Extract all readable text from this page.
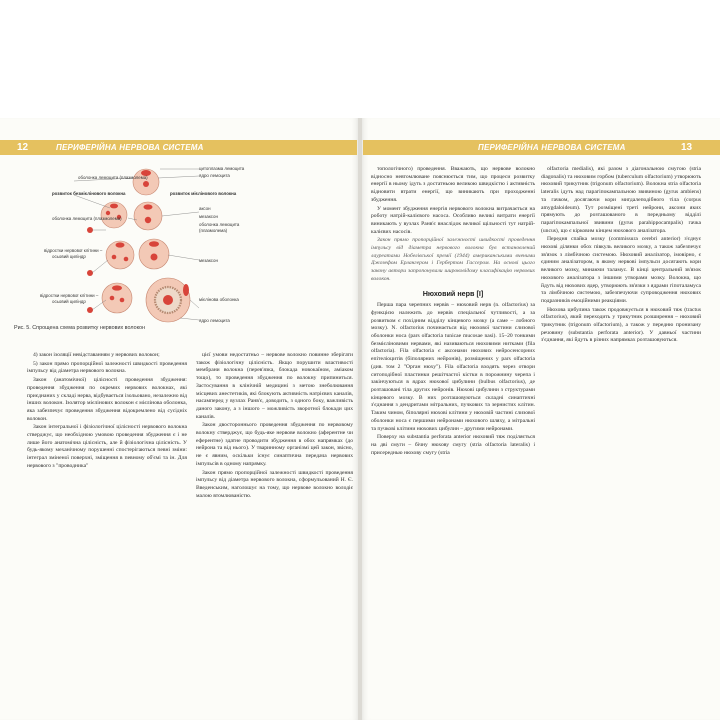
12	ПЕРИФЕРІЙНА НЕРВОВА СИСТЕМА	ПЕРИФЕРІЙНА НЕРВОВА СИСТЕМА	13
оболонка лемоцита (плазмолема)
цитоплазма лемоцита
ядро лемоцита
розвиток безмієлінового волокна	розвиток мієлінового волокна
аксон
оболонка лемоцита (плазмолема)	мезаксон
оболонка лемоцита
(плазмолема)
відростки нервової клітини –
осьовий циліндр
мезаксон
відростки нервової клітини –
осьовий циліндр	мієлінова оболонка
ядро лемоцита
Рис. 5. Спрощена схема розвитку нервових волокон

4) закон ізоляції невідставанням у нервових волокон;

5) закон прямо пропорційної залежності швидкості проведення імпульсу від діаметра нервового волокна.

Закон (анатомічної) цілісності проведення збудження: проведення збудження по окремих нервових волокнах, які приєднаних у складі нерва, відбувається ізольовано, незалежно від інших волокон. Ізолятор мієлінових волокон є мієлінова оболонка, яка забезпечує проведення збудження відокремлено від сусідніх волокон.

Закон інтегральної і фізіологічної цілісності нервового волокна стверджує, що необхідною умовою проведення збудження є і не лише його анатомічна цілісність, але й фізіологічна цілісність. У будь-якому механічному порушенні спостерігаються певні зміни: інтеграл зміненої поверхні, зміщення в певному об'ємі та ін. Для нервового з "проводника"

цієї умови недостатньо – нервове волокно повинне зберігати також фізіологічну цілісність. Якщо порушити властивості мембрани волокна (перев'язка, блокада новокаїном, аміаком тощо), то проведення збудження по волокну припиниться. Застосування в клінічній медицині з метою знеболювання місцевих анестетиків, які блокують активність натрієвих каналів, насамперед у вузлах Ранв'є, доводить, з одного боку, важливість даного закону, а з іншого – можливість зворотної блокади цих каналів.

Закон двостороннього проведення збудження по нервовому волокну стверджує, що будь-яке нервове волокно (аферентне чи еферентне) здатне проводити збудження в обох напрямках (до нейрона та від нього). У тваринному організмі цей закон, звісно, не є явним, оскільки існує синаптична передача нервових імпульсів в одному напрямку.

Закон прямо пропорційної залежності швидкості проведення імпульсу від діаметра нервового волокна, сформульований Н. Є. Введенським, наголошує на тому, що нервове волокно володіє малою втомлюваністю.

топологічного) проведення. Вважають, що нервове волокно відносно невтомлюване пояснюється тим, що процеси розвитку енергії в ньому ідуть з достатньою великою швидкістю і активність відновити втрати енергії, що виникають при проходженні збудження.

У момент збудження енергія нервового волокна витрачається на роботу натрій-калієвого насоса. Особливо великі витрати енергії виникають у вузлах Ранв'є внаслідок великої щільності тут натрій-калієвих насосів.

Закон прямо пропорційної залежності швидкості проведення імпульсу від діаметра нервового волокна був встановлений лауреатами Нобелівської премії (1944) американськими вченими Джозефом Ерлангером і Гербертом Гассером. На основі цього закону автори запропонували широковідому класифікацію нервових волокон.

Нюховий нерв [I]

Перша пара черепних нервів – нюховий нерв (n. olfactorius) за функцією належить до нервів спеціальної чутливості, а за розвитком є похідним відділу кінцевого мозку (а саме – лобного мозку). N. olfactorius починається від нюхової частини слизової оболонки носа (pars olfactoria tunicae mucosae nasi). 15–20 тонкими безмієліновими нервами, які називаються нюховими нитками (fila olfactoria). Fila olfactoria є аксонами нюхових нейросенсорних епітеліоцитів (біполярних нейронів), розміщених у pars olfactoria (див. том 2 "Орган нюху"). Fila olfactoria входять через отвори ситоподібної пластинки решітчастої кістки в порожнину черепа і закінчуються в ядрах нюхової цибулини (bulbus olfactorius), де розташовані тіла других нейронів. Нюхові цибулини з структурами кінцевого мозку. В них розташовуються складні синаптичні з'єднання з дендритами мітральних, пучкових та зернистих клітин. Таким чином, біполярні нюхові клітини у нюховій частині слизової оболонки носа є першими нейронами нюхового шляху, а мітральні та пучкові клітини нюхових цибулин – другими нейронами.

Поверху на substantia perforata anterior нюховий тяж поділяється на дві смуги – бічну нюхову смугу (stria olfactoria lateralis) і присереднью нюхову смугу (stria

olfactoria medialis), які разом з діагональною смугою (stria diagonalis) та нюховим горбом (tuberculum olfactorium) утворюють нюховий трикутник (trigonum olfactorium). Волокна stria olfactoria lateralis ідуть над парагіпокампальною звивиною (gyrus ambiens) та гачком, досягаючи кори мигдалеподібного тіла (corpus amygdaloideum). Тут розміщені треті нейрони, аксони яких прямують до розташованого в передньому відділі парагіпокампальної звивини (gyrus parahippocampalis) гачка (uncus), що є кірковим кінцем нюхового аналізатора.

Передня спайка мозку (commissura cerebri anterior) з'єднує нюхові ділянки обох півкуль великого мозку, а також забезпечує зв'язок з лімбічною системою. Нюховий аналізатор, імовірно, є єдиним аналізатором, в якому нервові імпульси досягають кори великого мозку, минаючи таламус. В кінці центральний зв'язок нюхового аналізатора з іншими утворами мозку. Волокна, що йдуть від нюхових ядер, утворюють зв'язки з ядрами гіпоталамуса та лімбічною системою, забезпечуючи супроводження нюхових подразників емоційними реакціями.

Нюхова цибулина також продовжується в нюховий тяж (tractus olfactorius), який переходить у трикутник розширення – нюховий трикутник (trigonum olfactorium), а також у передню пронизану речовину (substantia perforata anterior). У давньої частини з'єднання, які йдуть в різних напрямках розташовуються.
